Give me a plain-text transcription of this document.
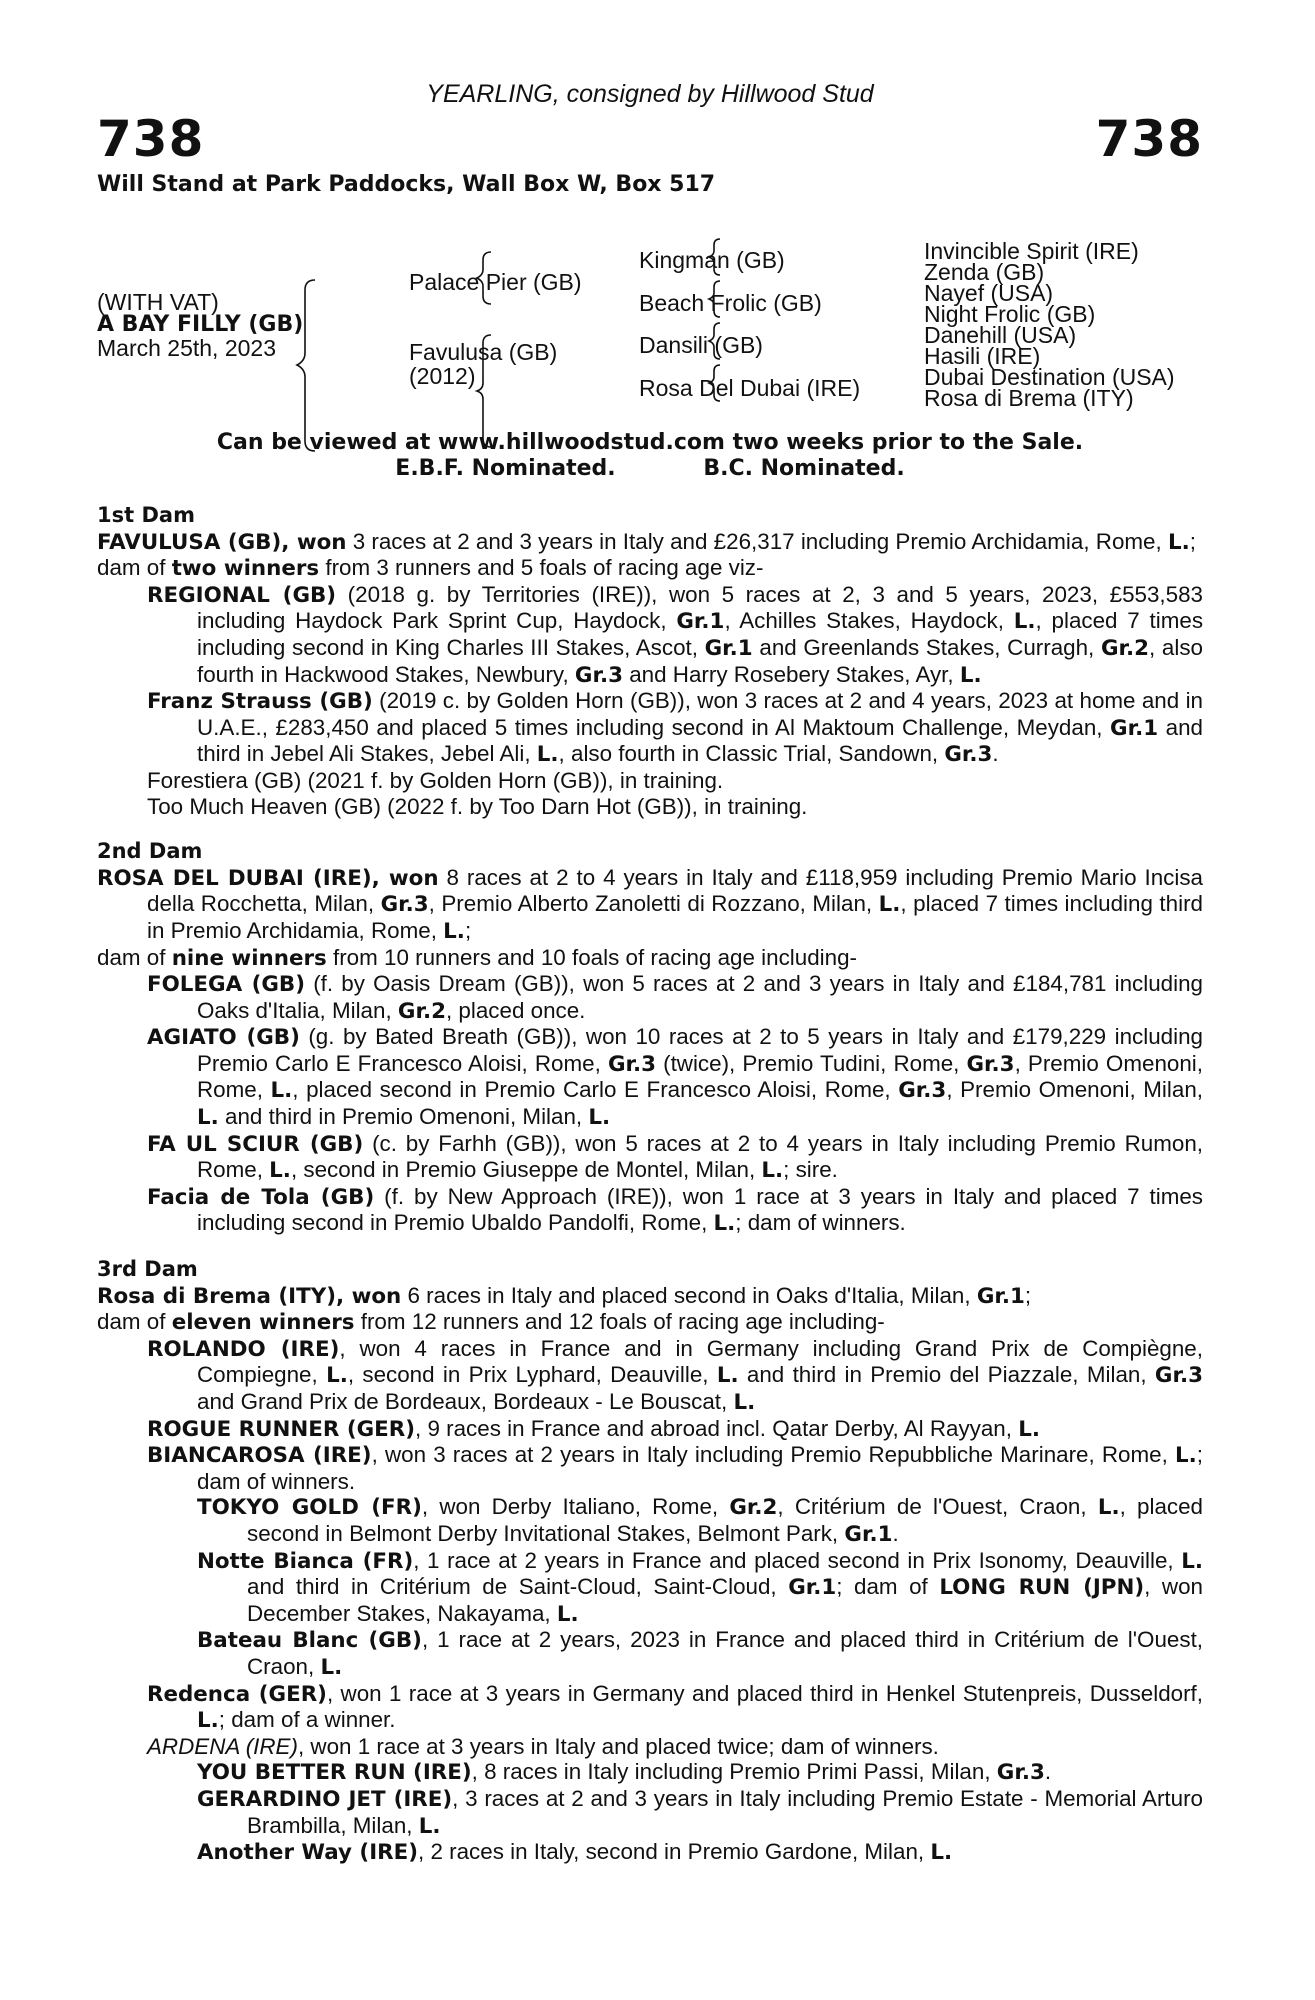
YEARLING, consigned by Hillwood Stud
738	738
Will Stand at Park Paddocks, Wall Box W, Box 517
(WITH VAT)
A BAY FILLY (GB)
March 25th, 2023
Palace Pier (GB)
Favulusa (GB)
(2012)
Kingman (GB)
Beach Frolic (GB)
Dansili (GB)
Rosa Del Dubai (IRE)
Invincible Spirit (IRE)
Zenda (GB)
Nayef (USA)
Night Frolic (GB)
Danehill (USA)
Hasili (IRE)
Dubai Destination (USA)
Rosa di Brema (ITY)
Can be viewed at www.hillwoodstud.com two weeks prior to the Sale.
E.B.F. Nominated.	B.C. Nominated.
1st Dam
FAVULUSA (GB), won 3 races at 2 and 3 years in Italy and £26,317 including Premio Archidamia, Rome, L.;
dam of two winners from 3 runners and 5 foals of racing age viz-
REGIONAL (GB) (2018 g. by Territories (IRE)), won 5 races at 2, 3 and 5 years, 2023, £553,583 including Haydock Park Sprint Cup, Haydock, Gr.1, Achilles Stakes, Haydock, L., placed 7 times including second in King Charles III Stakes, Ascot, Gr.1 and Greenlands Stakes, Curragh, Gr.2, also fourth in Hackwood Stakes, Newbury, Gr.3 and Harry Rosebery Stakes, Ayr, L.
Franz Strauss (GB) (2019 c. by Golden Horn (GB)), won 3 races at 2 and 4 years, 2023 at home and in U.A.E., £283,450 and placed 5 times including second in Al Maktoum Challenge, Meydan, Gr.1 and third in Jebel Ali Stakes, Jebel Ali, L., also fourth in Classic Trial, Sandown, Gr.3.
Forestiera (GB) (2021 f. by Golden Horn (GB)), in training.
Too Much Heaven (GB) (2022 f. by Too Darn Hot (GB)), in training.
2nd Dam
ROSA DEL DUBAI (IRE), won 8 races at 2 to 4 years in Italy and £118,959 including Premio Mario Incisa della Rocchetta, Milan, Gr.3, Premio Alberto Zanoletti di Rozzano, Milan, L., placed 7 times including third in Premio Archidamia, Rome, L.;
dam of nine winners from 10 runners and 10 foals of racing age including-
FOLEGA (GB) (f. by Oasis Dream (GB)), won 5 races at 2 and 3 years in Italy and £184,781 including Oaks d'Italia, Milan, Gr.2, placed once.
AGIATO (GB) (g. by Bated Breath (GB)), won 10 races at 2 to 5 years in Italy and £179,229 including Premio Carlo E Francesco Aloisi, Rome, Gr.3 (twice), Premio Tudini, Rome, Gr.3, Premio Omenoni, Rome, L., placed second in Premio Carlo E Francesco Aloisi, Rome, Gr.3, Premio Omenoni, Milan, L. and third in Premio Omenoni, Milan, L.
FA UL SCIUR (GB) (c. by Farhh (GB)), won 5 races at 2 to 4 years in Italy including Premio Rumon, Rome, L., second in Premio Giuseppe de Montel, Milan, L.; sire.
Facia de Tola (GB) (f. by New Approach (IRE)), won 1 race at 3 years in Italy and placed 7 times including second in Premio Ubaldo Pandolfi, Rome, L.; dam of winners.
3rd Dam
Rosa di Brema (ITY), won 6 races in Italy and placed second in Oaks d'Italia, Milan, Gr.1;
dam of eleven winners from 12 runners and 12 foals of racing age including-
ROLANDO (IRE), won 4 races in France and in Germany including Grand Prix de Compiègne, Compiegne, L., second in Prix Lyphard, Deauville, L. and third in Premio del Piazzale, Milan, Gr.3 and Grand Prix de Bordeaux, Bordeaux - Le Bouscat, L.
ROGUE RUNNER (GER), 9 races in France and abroad incl. Qatar Derby, Al Rayyan, L.
BIANCAROSA (IRE), won 3 races at 2 years in Italy including Premio Repubbliche Marinare, Rome, L.; dam of winners.
TOKYO GOLD (FR), won Derby Italiano, Rome, Gr.2, Critérium de l'Ouest, Craon, L., placed second in Belmont Derby Invitational Stakes, Belmont Park, Gr.1.
Notte Bianca (FR), 1 race at 2 years in France and placed second in Prix Isonomy, Deauville, L. and third in Critérium de Saint-Cloud, Saint-Cloud, Gr.1; dam of LONG RUN (JPN), won December Stakes, Nakayama, L.
Bateau Blanc (GB), 1 race at 2 years, 2023 in France and placed third in Critérium de l'Ouest, Craon, L.
Redenca (GER), won 1 race at 3 years in Germany and placed third in Henkel Stutenpreis, Dusseldorf, L.; dam of a winner.
ARDENA (IRE), won 1 race at 3 years in Italy and placed twice; dam of winners.
YOU BETTER RUN (IRE), 8 races in Italy including Premio Primi Passi, Milan, Gr.3.
GERARDINO JET (IRE), 3 races at 2 and 3 years in Italy including Premio Estate - Memorial Arturo Brambilla, Milan, L.
Another Way (IRE), 2 races in Italy, second in Premio Gardone, Milan, L.
